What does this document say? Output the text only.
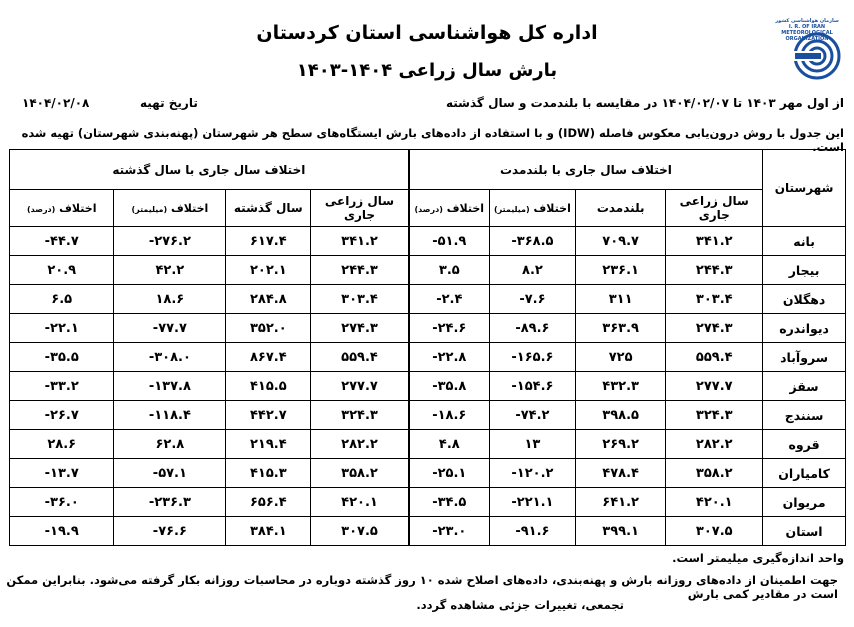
سازمان هواشناسی کشور
I. R. OF IRAN
METEOROLOGICAL
ORGANIZATION
اداره کل هواشناسی استان کردستان
بارش سال زراعی ۱۴۰۴-۱۴۰۳
از اول مهر ۱۴۰۳ تا ۱۴۰۴/۰۲/۰۷ در مقایسه با بلندمدت و سال گذشته
تاریخ تهیه
۱۴۰۴/۰۲/۰۸
این جدول با روش درون‌یابی معکوس فاصله (IDW) و با استفاده از داده‌های بارش ایستگاه‌های سطح هر شهرستان (پهنه‌بندی شهرستان) تهیه شده است.
شهرستان	اختلاف سال جاری با بلندمدت				اختلاف سال جاری با سال گذشته			
	سال زراعی جاری	بلندمدت	اختلاف (میلیمتر)	اختلاف (درصد)	سال زراعی جاری	سال گذشته	اختلاف (میلیمتر)	اختلاف (درصد)
بانه	۳۴۱.۲	۷۰۹.۷	۳۶۸.۵-	۵۱.۹-	۳۴۱.۲	۶۱۷.۴	۲۷۶.۲-	۴۴.۷-
بیجار	۲۴۴.۳	۲۳۶.۱	۸.۲	۳.۵	۲۴۴.۳	۲۰۲.۱	۴۲.۲	۲۰.۹
دهگلان	۳۰۳.۴	۳۱۱	۷.۶-	۲.۴-	۳۰۳.۴	۲۸۴.۸	۱۸.۶	۶.۵
دیواندره	۲۷۴.۳	۳۶۳.۹	۸۹.۶-	۲۴.۶-	۲۷۴.۳	۳۵۲.۰	۷۷.۷-	۲۲.۱-
سروآباد	۵۵۹.۴	۷۲۵	۱۶۵.۶-	۲۲.۸-	۵۵۹.۴	۸۶۷.۴	۳۰۸.۰-	۳۵.۵-
سقز	۲۷۷.۷	۴۳۲.۳	۱۵۴.۶-	۳۵.۸-	۲۷۷.۷	۴۱۵.۵	۱۳۷.۸-	۳۳.۲-
سنندج	۳۲۴.۳	۳۹۸.۵	۷۴.۲-	۱۸.۶-	۳۲۴.۳	۴۴۲.۷	۱۱۸.۴-	۲۶.۷-
قروه	۲۸۲.۲	۲۶۹.۲	۱۳	۴.۸	۲۸۲.۲	۲۱۹.۴	۶۲.۸	۲۸.۶
کامیاران	۳۵۸.۲	۴۷۸.۴	۱۲۰.۲-	۲۵.۱-	۳۵۸.۲	۴۱۵.۳	۵۷.۱-	۱۳.۷-
مریوان	۴۲۰.۱	۶۴۱.۲	۲۲۱.۱-	۳۴.۵-	۴۲۰.۱	۶۵۶.۴	۲۳۶.۳-	۳۶.۰-
استان	۳۰۷.۵	۳۹۹.۱	۹۱.۶-	۲۳.۰-	۳۰۷.۵	۳۸۴.۱	۷۶.۶-	۱۹.۹-
واحد اندازه‌گیری میلیمتر است.
جهت اطمینان از داده‌های روزانه بارش و پهنه‌بندی، داده‌های اصلاح شده ۱۰ روز گذشته دوباره در محاسبات روزانه بکار گرفته می‌شود. بنابراین ممکن است در مقادیر کمی بارش
تجمعی، تغییرات جزئی مشاهده گردد.
